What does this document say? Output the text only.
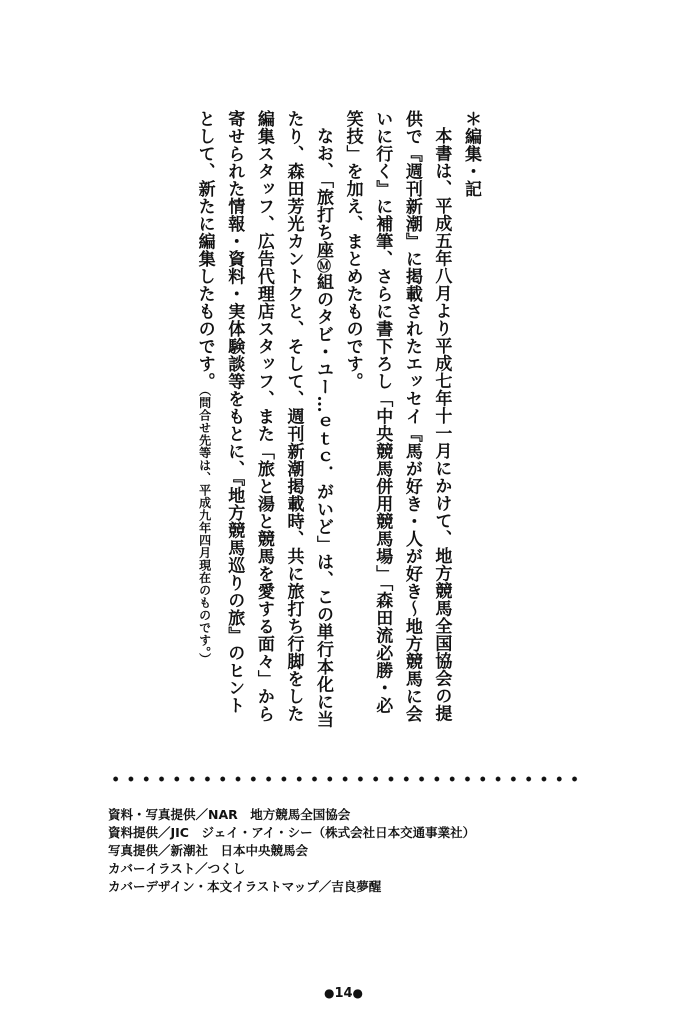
＊編集・記

本書は、平成五年八月より平成七年十一月にかけて、地方競馬全国協会の提供で『週刊新潮』に掲載されたエッセイ『馬が好き・人が好き〜地方競馬に会いに行く』に補筆、さらに書下ろし「中央競馬併用競馬場」「森田流必勝・必笑技」を加え、まとめたものです。

なお、「旅打ち座Ⓜ組のタビ・ユー…ｅｔｃ．がいど」は、この単行本化に当たり、森田芳光カントクと、そして、週刊新潮掲載時、共に旅打ち行脚をした編集スタッフ、広告代理店スタッフ、また「旅と湯と競馬を愛する面々」から寄せられた情報・資料・実体験談等をもとに、『地方競馬巡りの旅』のヒントとして、新たに編集したものです。（問合せ先等は、平成九年四月現在のものです。）

資料・写真提供／NAR　地方競馬全国協会
資料提供／JIC　ジェイ・アイ・シー（株式会社日本交通事業社）
写真提供／新潮社　日本中央競馬会
カバーイラスト／つくし
カバーデザイン・本文イラストマップ／吉良夢醒
●14●
